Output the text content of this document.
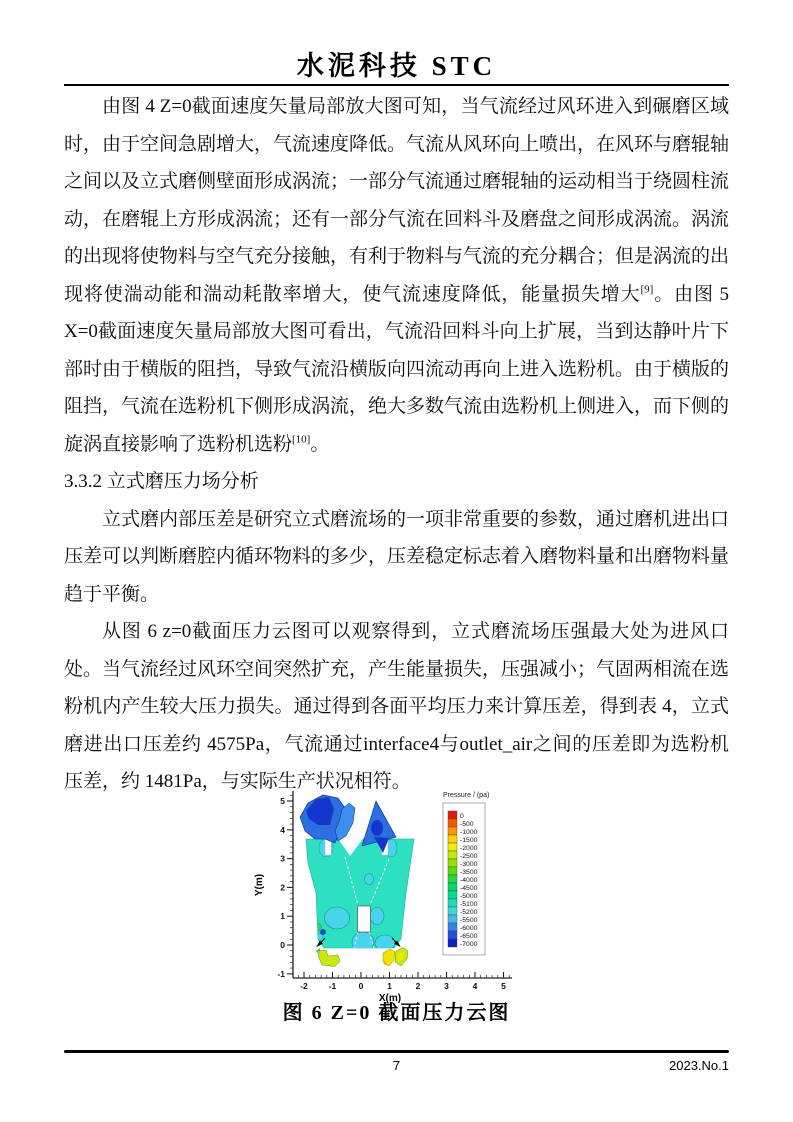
水泥科技 STC

由图 4 Z=0截面速度矢量局部放大图可知，当气流经过风环进入到碾磨区域时，由于空间急剧增大，气流速度降低。气流从风环向上喷出，在风环与磨辊轴之间以及立式磨侧壁面形成涡流；一部分气流通过磨辊轴的运动相当于绕圆柱流动，在磨辊上方形成涡流；还有一部分气流在回料斗及磨盘之间形成涡流。涡流的出现将使物料与空气充分接触，有利于物料与气流的充分耦合；但是涡流的出现将使湍动能和湍动耗散率增大，使气流速度降低，能量损失增大[9]。由图 5 X=0截面速度矢量局部放大图可看出，气流沿回料斗向上扩展，当到达静叶片下部时由于横版的阻挡，导致气流沿横版向四流动再向上进入选粉机。由于横版的阻挡，气流在选粉机下侧形成涡流，绝大多数气流由选粉机上侧进入，而下侧的旋涡直接影响了选粉机选粉[10]。

3.3.2 立式磨压力场分析

立式磨内部压差是研究立式磨流场的一项非常重要的参数，通过磨机进出口压差可以判断磨腔内循环物料的多少，压差稳定标志着入磨物料量和出磨物料量趋于平衡。

从图 6 z=0截面压力云图可以观察得到，立式磨流场压强最大处为进风口处。当气流经过风环空间突然扩充，产生能量损失，压强减小；气固两相流在选粉机内产生较大压力损失。通过得到各面平均压力来计算压差，得到表 4，立式磨进出口压差约 4575Pa，气流通过interface4与outlet_air之间的压差即为选粉机压差，约 1481Pa，与实际生产状况相符。

-2 -1	0	1	2	3	4	5
-1
0
1
2
3
4
5
X(m)
Y(m)
Pressure / (pa)
0
-500
-1000
-1500
-2000
-2500
-3000
-3500
-4000
-4500
-5000
-5100
-5200
-5500
-6000
-6500
-7000
图 6 Z=0 截面压力云图
7	2023.No.1
